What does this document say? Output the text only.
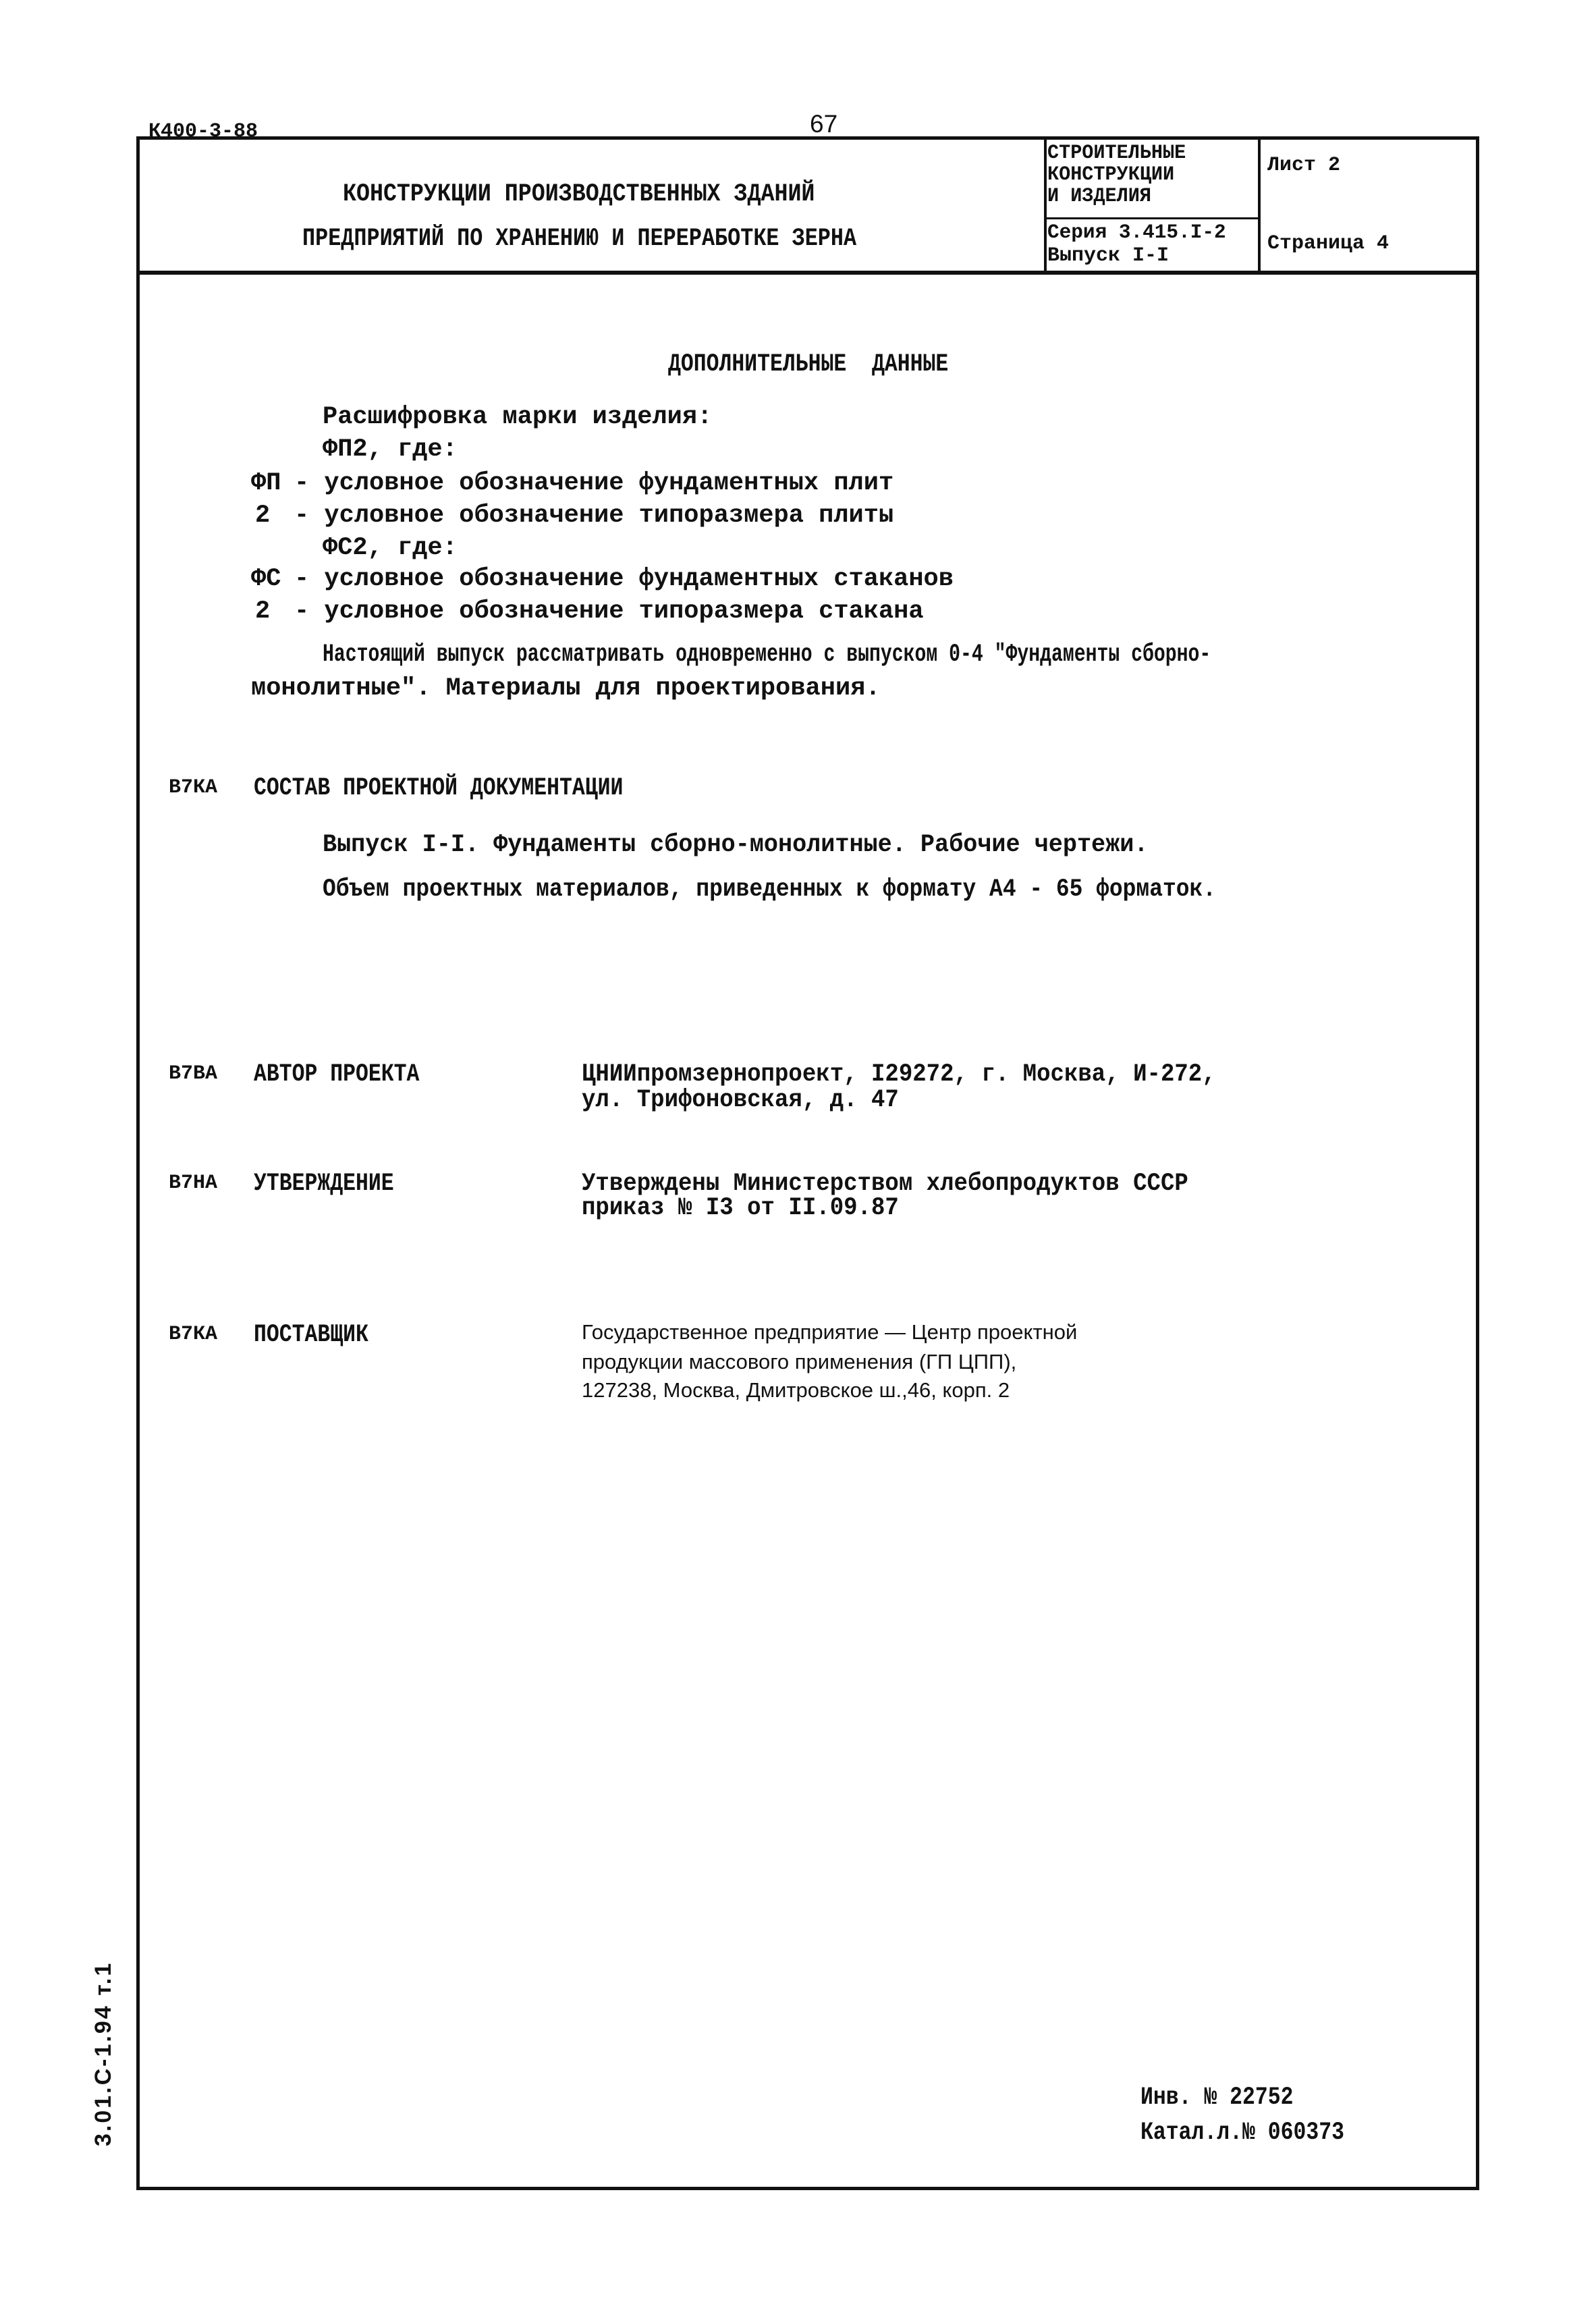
К400-3-88	67
КОНСТРУКЦИИ ПРОИЗВОДСТВЕННЫХ ЗДАНИЙ
ПРЕДПРИЯТИЙ ПО ХРАНЕНИЮ И ПЕРЕРАБОТКЕ ЗЕРНА
СТРОИТЕЛЬНЫЕ
КОНСТРУКЦИИ
И ИЗДЕЛИЯ
Серия 3.415.I-2
Выпуск I-I
Лист 2
Страница 4
ДОПОЛНИТЕЛЬНЫЕ  ДАННЫЕ
Расшифровка марки изделия:
ФП2, где:
ФП - условное обозначение фундаментных плит
2 - условное обозначение типоразмера плиты
ФС2, где:
ФС - условное обозначение фундаментных стаканов
2 - условное обозначение типоразмера стакана
Настоящий выпуск рассматривать одновременно с выпуском 0-4 "Фундаменты сборно-
монолитные". Материалы для проектирования.
В7КА СОСТАВ ПРОЕКТНОЙ ДОКУМЕНТАЦИИ
Выпуск I-I. Фундаменты сборно-монолитные. Рабочие чертежи.
Объем проектных материалов, приведенных к формату А4 - 65 форматок.
В7ВА АВТОР ПРОЕКТА	ЦНИИпромзернопроект, I29272, г. Москва, И-272,
ул. Трифоновская, д. 47
В7НА УТВЕРЖДЕНИЕ	Утверждены Министерством хлебопродуктов СССР
приказ № I3 от II.09.87
В7КА ПОСТАВЩИК	Государственное предприятие — Центр проектной
продукции массового применения (ГП ЦПП),
127238, Москва, Дмитровское ш.,46, корп. 2
Инв. № 22752
Катал.л.№ 060373
3.01.С-1.94 т.1
